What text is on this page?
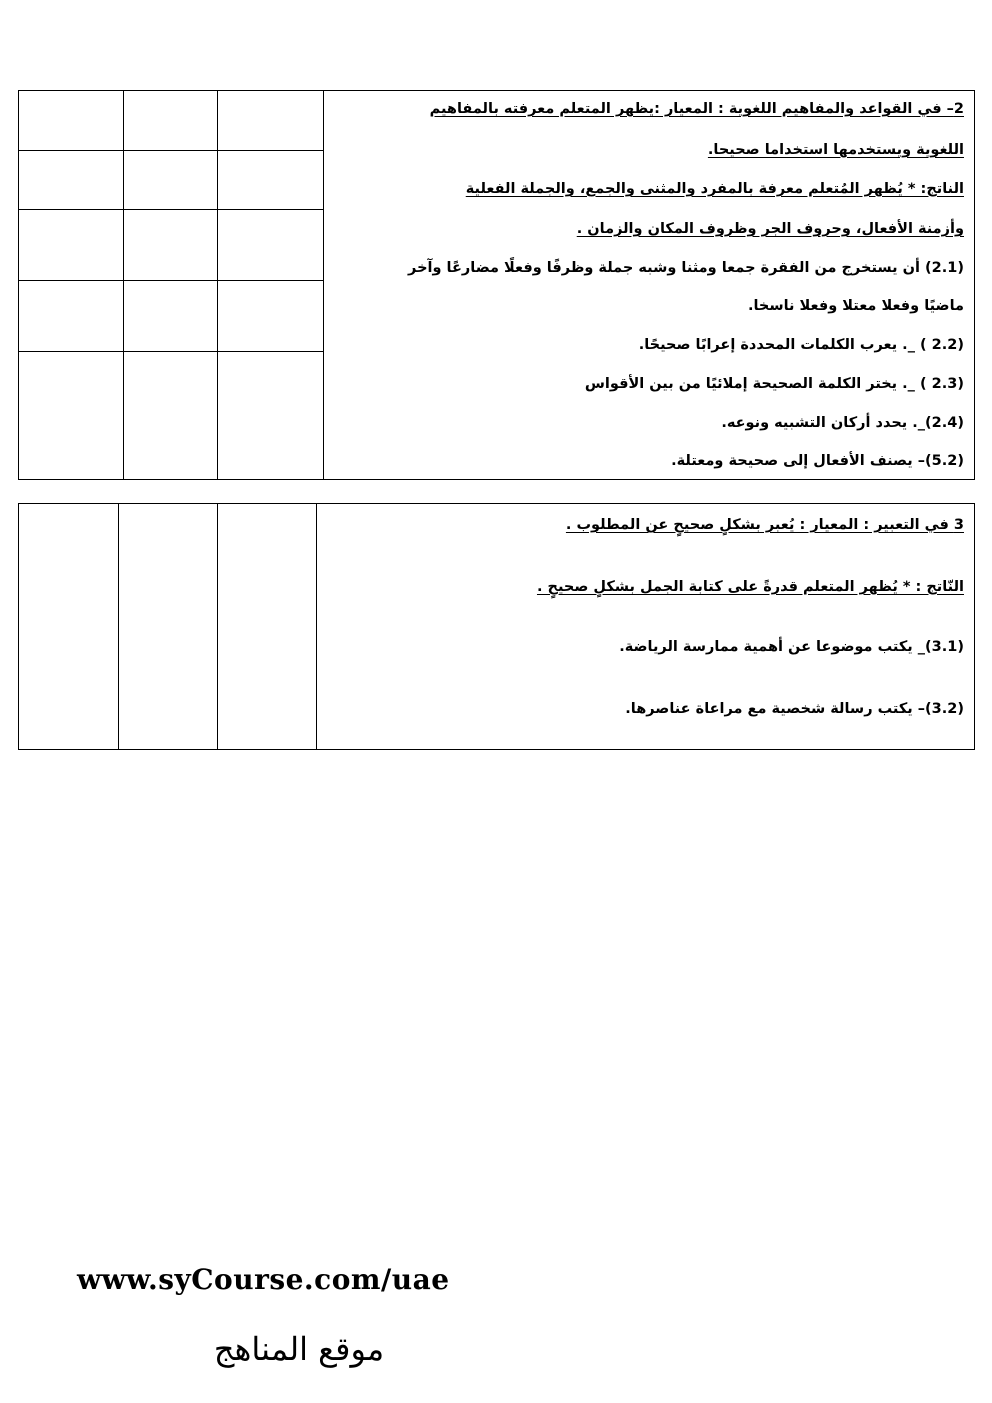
2– في القواعد والمفاهيم اللغوية : المعيار :يظهر المتعلم معرفته بالمفاهيم
اللغوية ويستخدمها استخداما صحيحا.
الناتج: * يُظهر المُتعلم معرفة بالمفرد والمثنى والجمع، والجملة الفعلية
وأزمنة الأفعال، وحروف الجر وظروف المكان والزمان .
(2.1) أن يستخرج من الفقرة جمعا ومثنا وشبه جملة وظرفًا وفعلًا مضارعًا وآخر
ماضيًا وفعلا معتلا وفعلا ناسخا.
(2.2 ) _. يعرب الكلمات المحددة إعرابًا صحيحًا.
(2.3 ) _. يختر الكلمة الصحيحة إملائيًا من بين الأقواس
(2.4)_. يحدد أركان التشبيه ونوعه.
(5.2)– يصنف الأفعال إلى صحيحة ومعتلة.
3 في التعبير : المعيار : يُعبر بشكلٍ صحيحٍ عن المطلوب .
النّاتج : * يُظهر المتعلم قدرةً على كتابة الجمل بشكلٍ صحيحٍ .
(3.1)_ يكتب موضوعا عن أهمية ممارسة الرياضة.
(3.2)– يكتب رسالة شخصية مع مراعاة عناصرها.
www.syCourse.com/uae
موقع المناهج
